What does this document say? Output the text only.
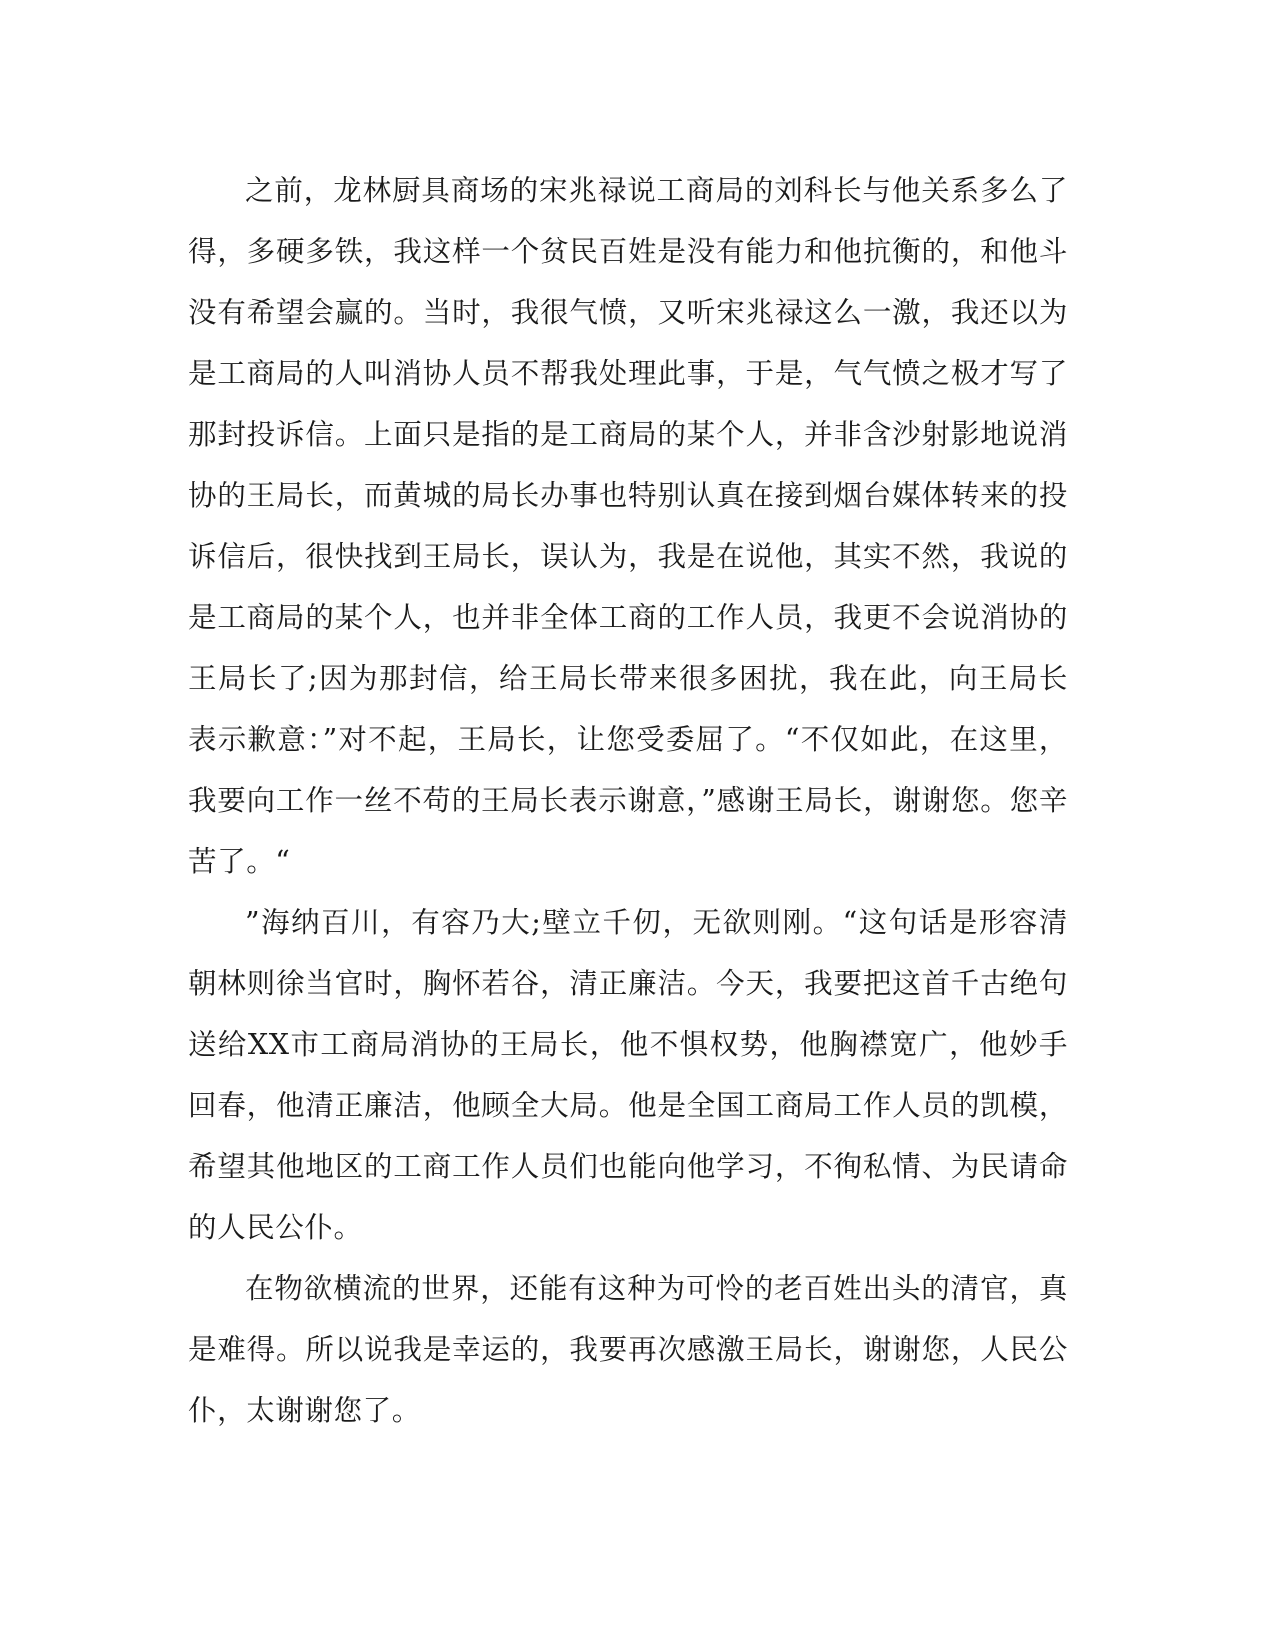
之前，龙林厨具商场的宋兆禄说工商局的刘科长与他关系多么了得，多硬多铁，我这样一个贫民百姓是没有能力和他抗衡的，和他斗没有希望会赢的。当时，我很气愤，又听宋兆禄这么一激，我还以为是工商局的人叫消协人员不帮我处理此事，于是，气气愤之极才写了那封投诉信。上面只是指的是工商局的某个人，并非含沙射影地说消协的王局长，而黄城的局长办事也特别认真在接到烟台媒体转来的投诉信后，很快找到王局长，误认为，我是在说他，其实不然，我说的是工商局的某个人，也并非全体工商的工作人员，我更不会说消协的王局长了;因为那封信，给王局长带来很多困扰，我在此，向王局长表示歉意：”对不起，王局长，让您受委屈了。“不仅如此，在这里，我要向工作一丝不苟的王局长表示谢意，”感谢王局长，谢谢您。您辛苦了。“

”海纳百川，有容乃大;壁立千仞，无欲则刚。“这句话是形容清朝林则徐当官时，胸怀若谷，清正廉洁。今天，我要把这首千古绝句送给XX市工商局消协的王局长，他不惧权势，他胸襟宽广，他妙手回春，他清正廉洁，他顾全大局。他是全国工商局工作人员的凯模，希望其他地区的工商工作人员们也能向他学习，不徇私情、为民请命的人民公仆。

在物欲横流的世界，还能有这种为可怜的老百姓出头的清官，真是难得。所以说我是幸运的，我要再次感激王局长，谢谢您，人民公仆，太谢谢您了。
